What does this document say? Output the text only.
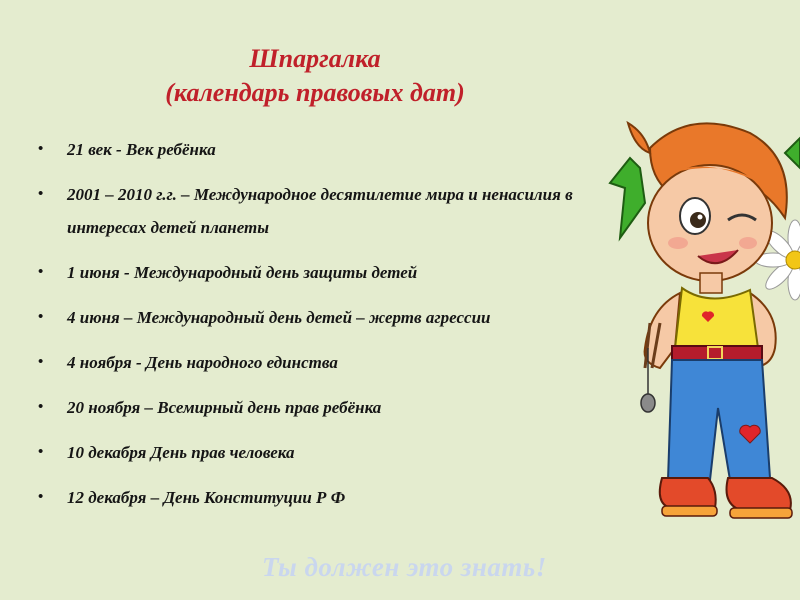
Шпаргалка
(календарь правовых дат)
• 21 век - Век ребёнка
• 2001 – 2010 г.г. – Международное десятилетие мира и ненасилия в интересах детей планеты
• 1 июня - Международный день защиты детей
• 4 июня – Международный день детей – жертв агрессии
• 4 ноября - День народного единства
• 20 ноября – Всемирный день прав ребёнка
• 10 декабря День прав человека
• 12 декабря – День Конституции Р Ф
Ты должен это знать!
